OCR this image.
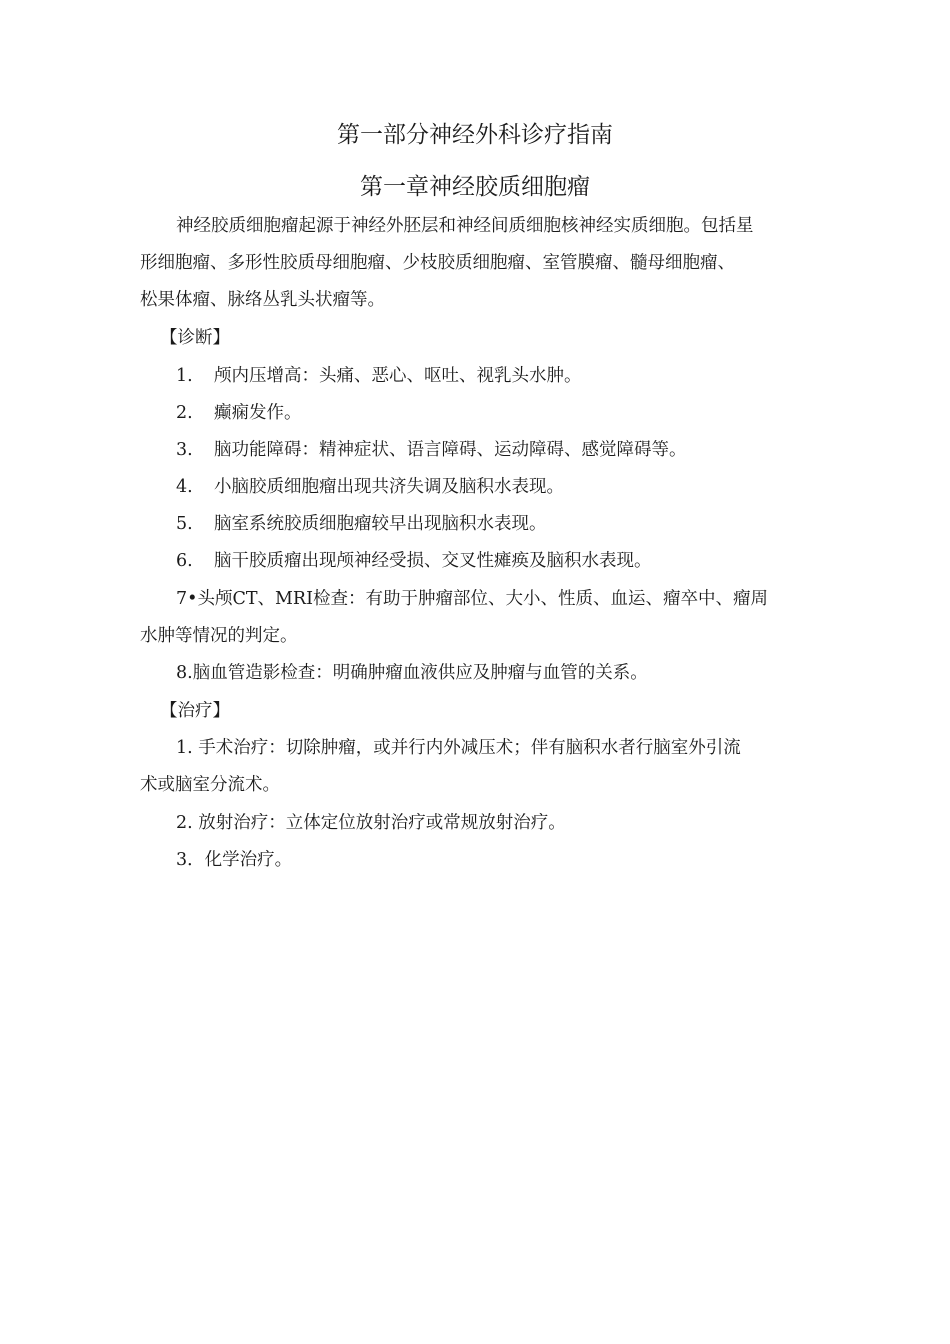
第一部分神经外科诊疗指南
第一章神经胶质细胞瘤
神经胶质细胞瘤起源于神经外胚层和神经间质细胞核神经实质细胞。包括星
形细胞瘤、多形性胶质母细胞瘤、少枝胶质细胞瘤、室管膜瘤、髓母细胞瘤、
松果体瘤、脉络丛乳头状瘤等。
【诊断】
1. 颅内压增高：头痛、恶心、呕吐、视乳头水肿。
2. 癫痫发作。
3. 脑功能障碍：精神症状、语言障碍、运动障碍、感觉障碍等。
4. 小脑胶质细胞瘤出现共济失调及脑积水表现。
5. 脑室系统胶质细胞瘤较早出现脑积水表现。
6. 脑干胶质瘤出现颅神经受损、交叉性瘫痪及脑积水表现。
7•头颅CT、MRI检查：有助于肿瘤部位、大小、性质、血运、瘤卒中、瘤周
水肿等情况的判定。
8.脑血管造影检查：明确肿瘤血液供应及肿瘤与血管的关系。
【治疗】
1. 手术治疗：切除肿瘤，或并行内外减压术；伴有脑积水者行脑室外引流
术或脑室分流术。
2. 放射治疗：立体定位放射治疗或常规放射治疗。
3．化学治疗。
